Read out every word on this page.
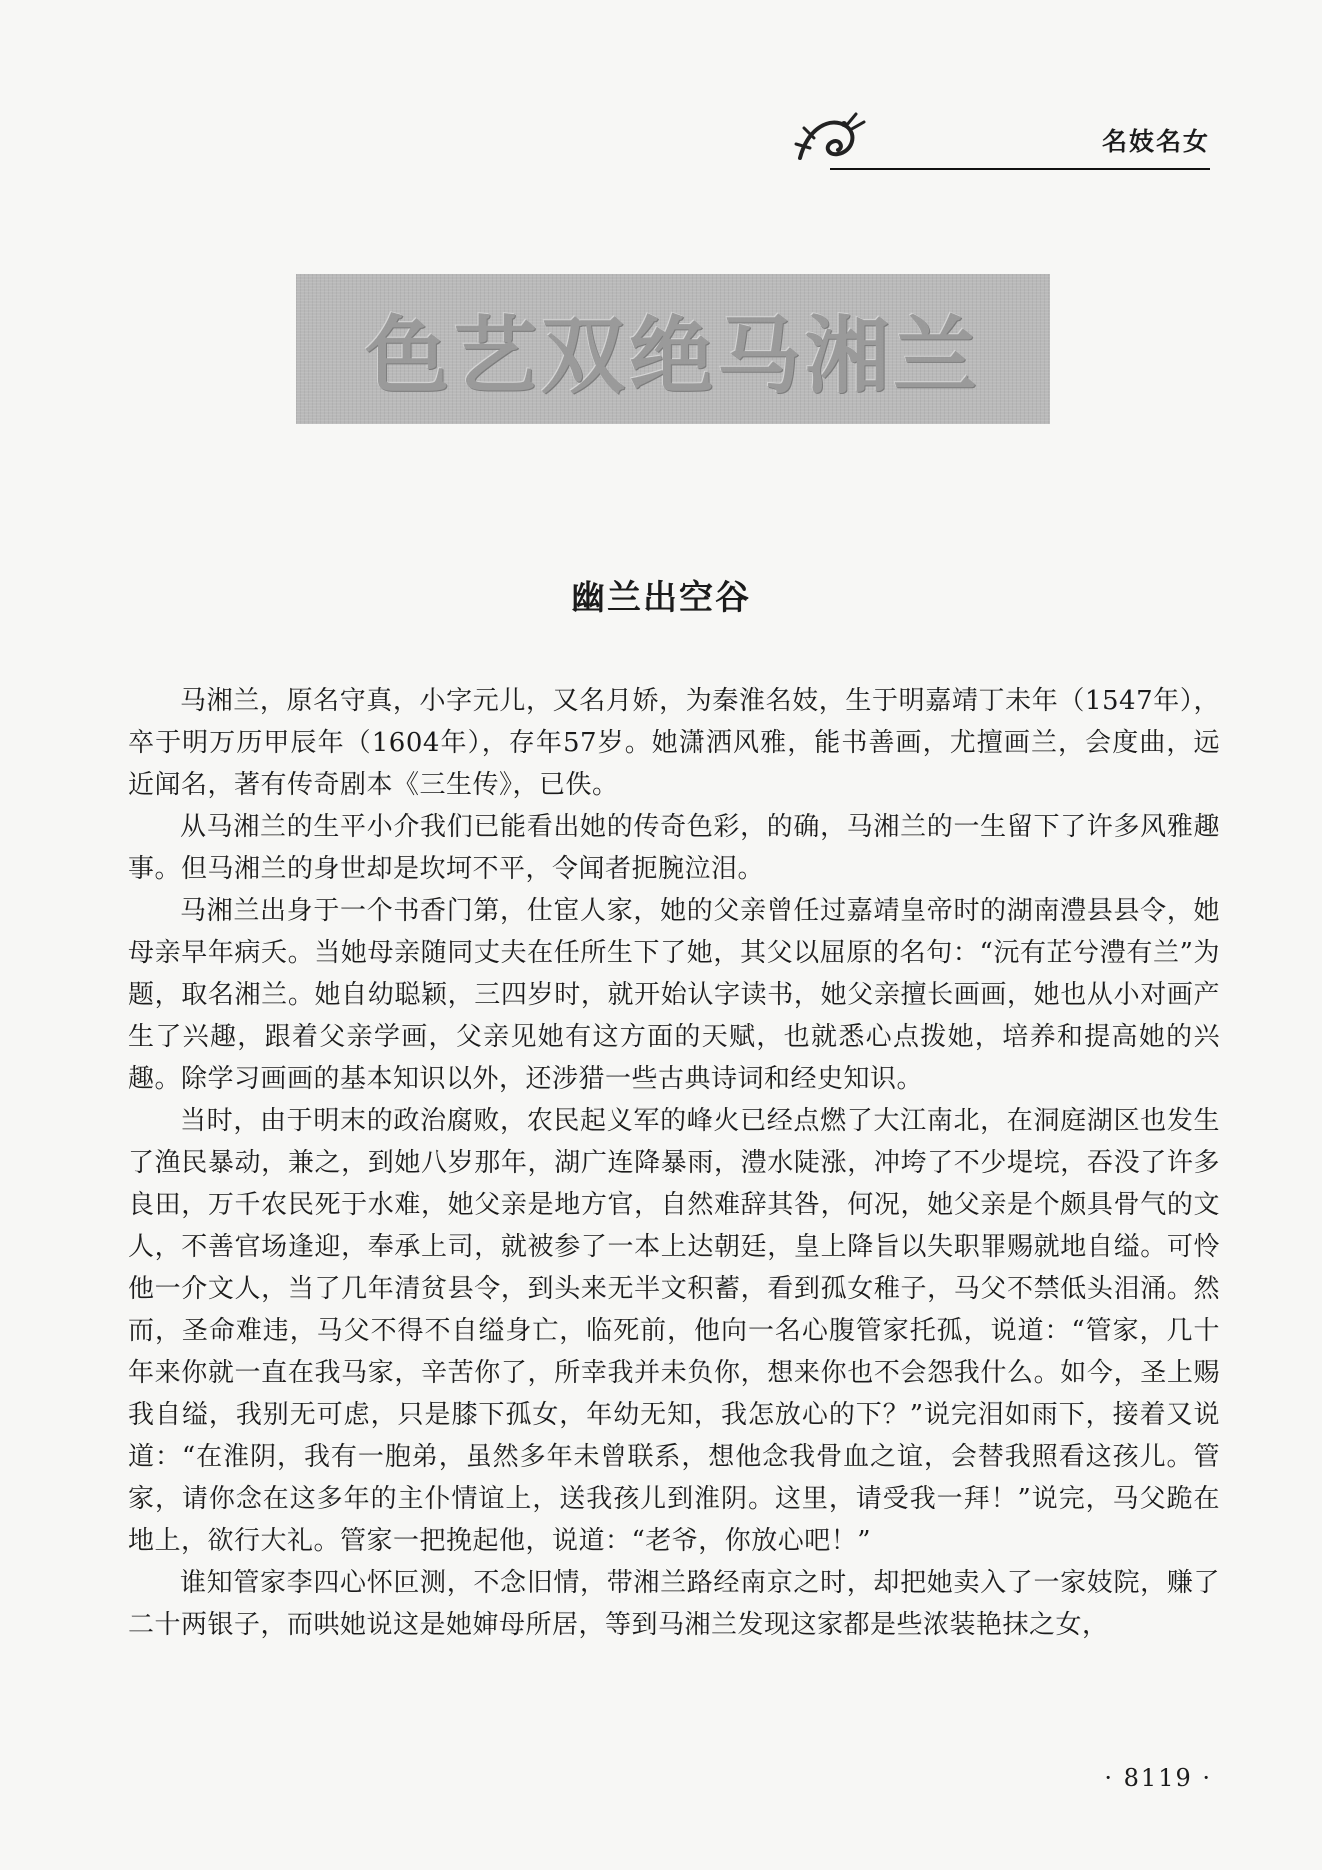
名妓名女
色艺双绝马湘兰
幽兰出空谷

马湘兰，原名守真，小字元儿，又名月娇，为秦淮名妓，生于明嘉靖丁未年（1547年），卒于明万历甲辰年（1604年），存年57岁。她潇洒风雅，能书善画，尤擅画兰，会度曲，远近闻名，著有传奇剧本《三生传》，已佚。

从马湘兰的生平小介我们已能看出她的传奇色彩，的确，马湘兰的一生留下了许多风雅趣事。但马湘兰的身世却是坎坷不平，令闻者扼腕泣泪。

马湘兰出身于一个书香门第，仕宦人家，她的父亲曾任过嘉靖皇帝时的湖南澧县县令，她母亲早年病夭。当她母亲随同丈夫在任所生下了她，其父以屈原的名句：“沅有芷兮澧有兰”为题，取名湘兰。她自幼聪颖，三四岁时，就开始认字读书，她父亲擅长画画，她也从小对画产生了兴趣，跟着父亲学画，父亲见她有这方面的天赋，也就悉心点拨她，培养和提高她的兴趣。除学习画画的基本知识以外，还涉猎一些古典诗词和经史知识。

当时，由于明末的政治腐败，农民起义军的峰火已经点燃了大江南北，在洞庭湖区也发生了渔民暴动，兼之，到她八岁那年，湖广连降暴雨，澧水陡涨，冲垮了不少堤垸，吞没了许多良田，万千农民死于水难，她父亲是地方官，自然难辞其咎，何况，她父亲是个颇具骨气的文人，不善官场逢迎，奉承上司，就被参了一本上达朝廷，皇上降旨以失职罪赐就地自缢。可怜他一介文人，当了几年清贫县令，到头来无半文积蓄，看到孤女稚子，马父不禁低头泪涌。然而，圣命难违，马父不得不自缢身亡，临死前，他向一名心腹管家托孤，说道：“管家，几十年来你就一直在我马家，辛苦你了，所幸我并未负你，想来你也不会怨我什么。如今，圣上赐我自缢，我别无可虑，只是膝下孤女，年幼无知，我怎放心的下？”说完泪如雨下，接着又说道：“在淮阴，我有一胞弟，虽然多年未曾联系，想他念我骨血之谊，会替我照看这孩儿。管家，请你念在这多年的主仆情谊上，送我孩儿到淮阴。这里，请受我一拜！”说完，马父跪在地上，欲行大礼。管家一把挽起他，说道：“老爷，你放心吧！”

谁知管家李四心怀叵测，不念旧情，带湘兰路经南京之时，却把她卖入了一家妓院，赚了二十两银子，而哄她说这是她婶母所居，等到马湘兰发现这家都是些浓装艳抹之女，

· 8119 ·
